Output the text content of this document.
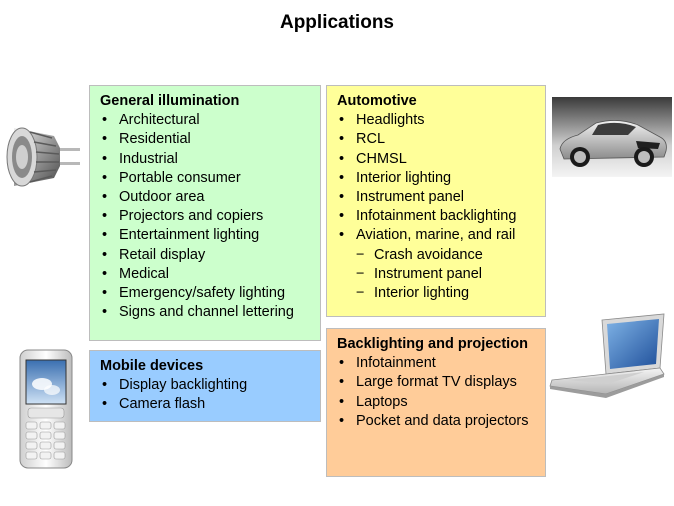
Applications
General illumination
• Architectural
• Residential
• Industrial
• Portable consumer
• Outdoor area
• Projectors and copiers
• Entertainment lighting
• Retail display
• Medical
• Emergency/safety lighting
• Signs and channel lettering
Automotive
• Headlights
• RCL
• CHMSL
• Interior lighting
• Instrument panel
• Infotainment backlighting
• Aviation, marine, and rail
− Crash avoidance
− Instrument panel
− Interior lighting
Mobile devices
• Display backlighting
• Camera flash
Backlighting and projection
• Infotainment
• Large format TV displays
• Laptops
• Pocket and data projectors
